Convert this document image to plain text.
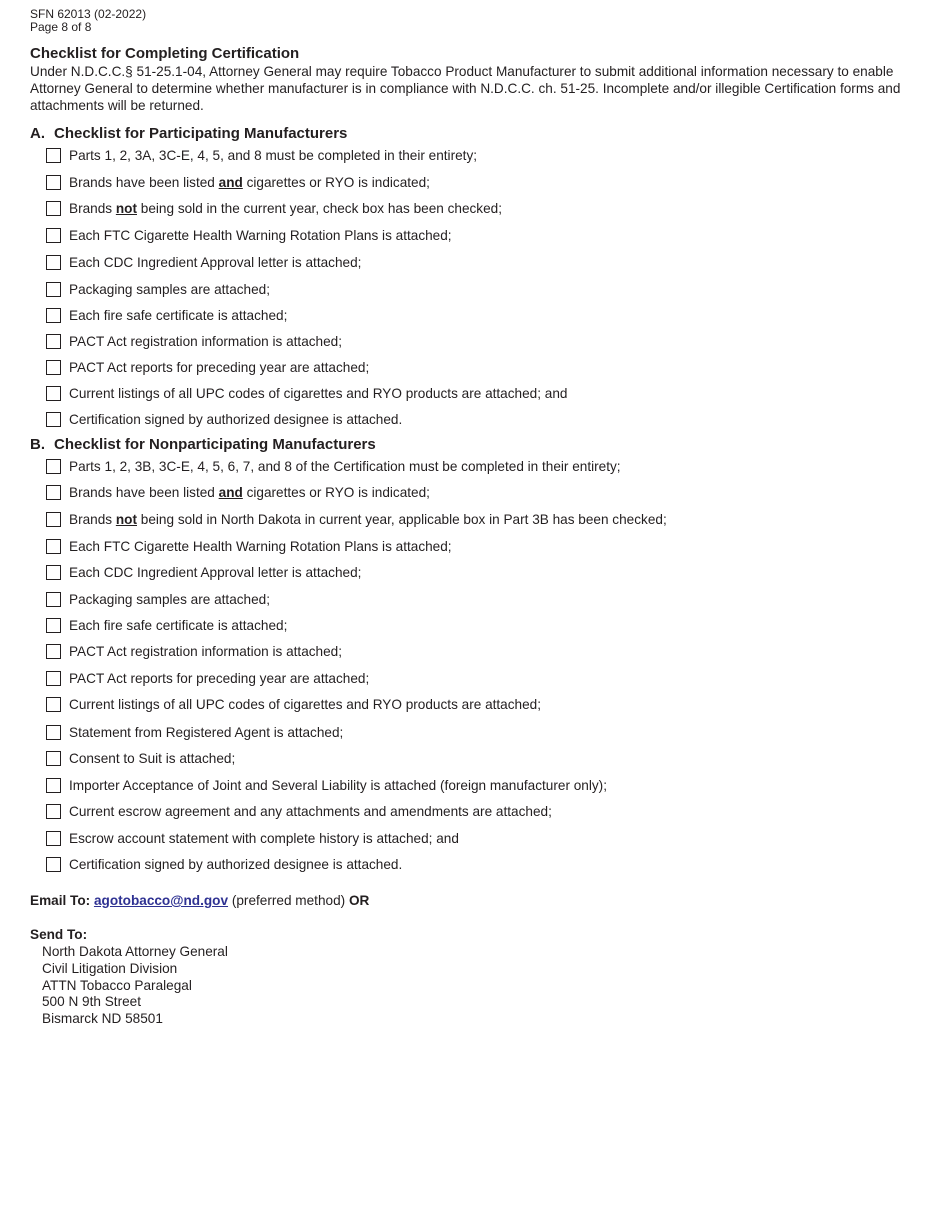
SFN 62013 (02-2022)
Page 8 of 8
Checklist for Completing Certification
Under N.D.C.C.§ 51-25.1-04, Attorney General may require Tobacco Product Manufacturer to submit additional information necessary to enable Attorney General to determine whether manufacturer is in compliance with N.D.C.C. ch. 51-25. Incomplete and/or illegible Certification forms and attachments will be returned.
A. Checklist for Participating Manufacturers
Parts 1, 2, 3A, 3C-E, 4, 5, and 8 must be completed in their entirety;
Brands have been listed and cigarettes or RYO is indicated;
Brands not being sold in the current year, check box has been checked;
Each FTC Cigarette Health Warning Rotation Plans is attached;
Each CDC Ingredient Approval letter is attached;
Packaging samples are attached;
Each fire safe certificate is attached;
PACT Act registration information is attached;
PACT Act reports for preceding year are attached;
Current listings of all UPC codes of cigarettes and RYO products are attached; and
Certification signed by authorized designee is attached.
B. Checklist for Nonparticipating Manufacturers
Parts 1, 2, 3B, 3C-E, 4, 5, 6, 7, and 8 of the Certification must be completed in their entirety;
Brands have been listed and cigarettes or RYO is indicated;
Brands not being sold in North Dakota in current year, applicable box in Part 3B has been checked;
Each FTC Cigarette Health Warning Rotation Plans is attached;
Each CDC Ingredient Approval letter is attached;
Packaging samples are attached;
Each fire safe certificate is attached;
PACT Act registration information is attached;
PACT Act reports for preceding year are attached;
Current listings of all UPC codes of cigarettes and RYO products are attached;
Statement from Registered Agent is attached;
Consent to Suit is attached;
Importer Acceptance of Joint and Several Liability is attached (foreign manufacturer only);
Current escrow agreement and any attachments and amendments are attached;
Escrow account statement with complete history is attached; and
Certification signed by authorized designee is attached.
Email To: agotobacco@nd.gov (preferred method) OR
Send To:
North Dakota Attorney General
Civil Litigation Division
ATTN Tobacco Paralegal
500 N 9th Street
Bismarck ND 58501
